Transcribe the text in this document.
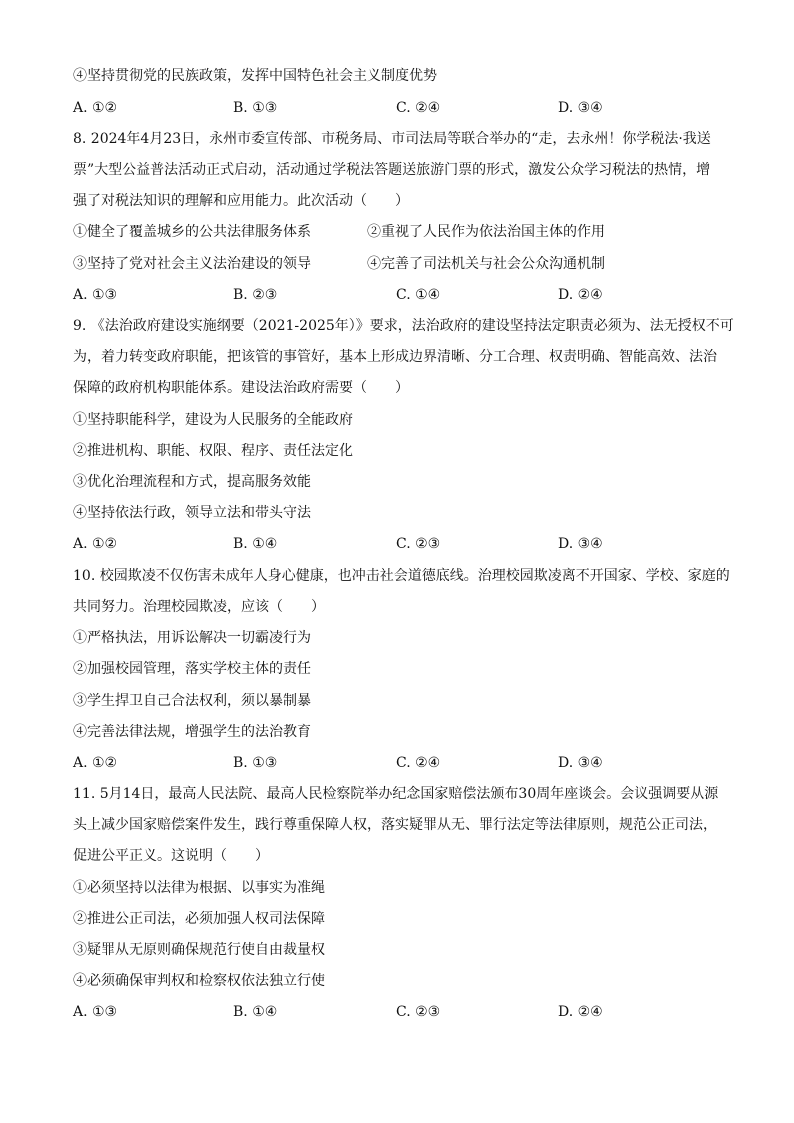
④坚持贯彻党的民族政策，发挥中国特色社会主义制度优势
A. ①②	B. ①③	C. ②④	D. ③④
8. 2024年4月23日，永州市委宣传部、市税务局、市司法局等联合举办的“走，去永州！你学税法·我送
票”大型公益普法活动正式启动，活动通过学税法答题送旅游门票的形式，激发公众学习税法的热情，增
强了对税法知识的理解和应用能力。此次活动（　　）
①健全了覆盖城乡的公共法律服务体系	②重视了人民作为依法治国主体的作用
③坚持了党对社会主义法治建设的领导	④完善了司法机关与社会公众沟通机制
A. ①③	B. ②③	C. ①④	D. ②④
9. 《法治政府建设实施纲要（2021-2025年）》要求，法治政府的建设坚持法定职责必须为、法无授权不可
为，着力转变政府职能，把该管的事管好，基本上形成边界清晰、分工合理、权责明确、智能高效、法治
保障的政府机构职能体系。建设法治政府需要（　　）
①坚持职能科学，建设为人民服务的全能政府
②推进机构、职能、权限、程序、责任法定化
③优化治理流程和方式，提高服务效能
④坚持依法行政，领导立法和带头守法
A. ①②	B. ①④	C. ②③	D. ③④
10. 校园欺凌不仅伤害未成年人身心健康，也冲击社会道德底线。治理校园欺凌离不开国家、学校、家庭的
共同努力。治理校园欺凌，应该（　　）
①严格执法，用诉讼解决一切霸凌行为
②加强校园管理，落实学校主体的责任
③学生捍卫自己合法权利，须以暴制暴
④完善法律法规，增强学生的法治教育
A. ①②	B. ①③	C. ②④	D. ③④
11. 5月14日，最高人民法院、最高人民检察院举办纪念国家赔偿法颁布30周年座谈会。会议强调要从源
头上减少国家赔偿案件发生，践行尊重保障人权，落实疑罪从无、罪行法定等法律原则，规范公正司法，
促进公平正义。这说明（　　）
①必须坚持以法律为根据、以事实为准绳
②推进公正司法，必须加强人权司法保障
③疑罪从无原则确保规范行使自由裁量权
④必须确保审判权和检察权依法独立行使
A. ①③	B. ①④	C. ②③	D. ②④
